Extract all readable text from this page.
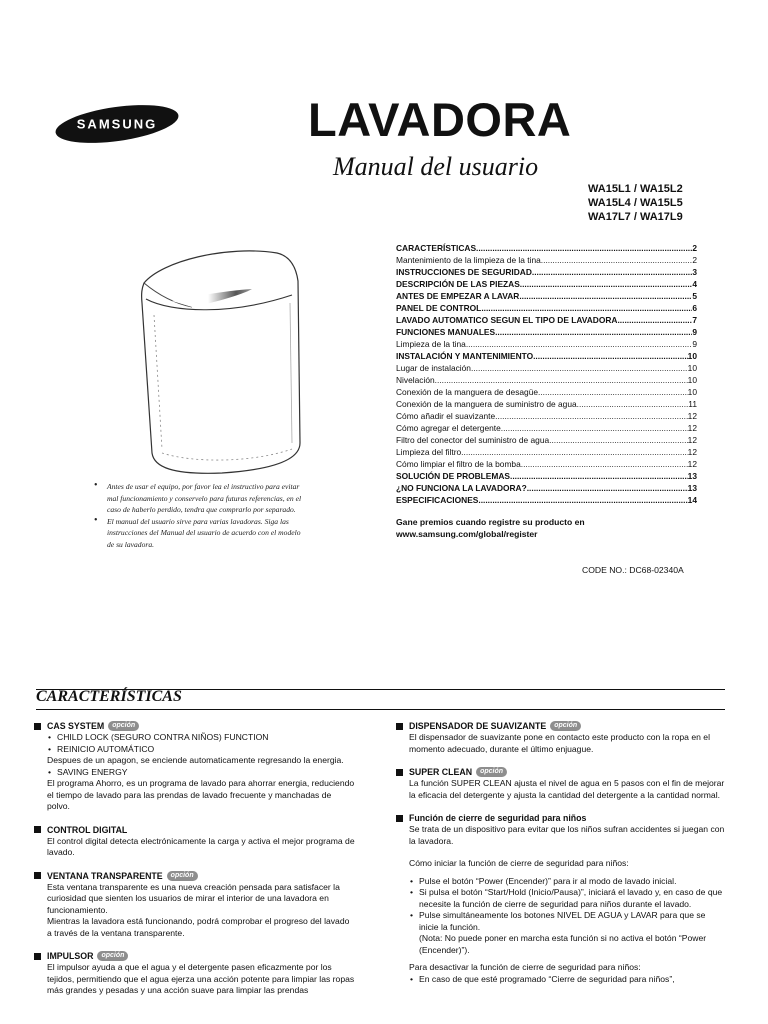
SAMSUNG	LAVADORA
Manual del usuario
WA15L1 / WA15L2
WA15L4 / WA15L5
WA17L7 / WA17L9
• Antes de usar el equipo, por favor lea el instructivo para evitar mal funcionamiento y conservelo para futuras referencias, en el caso de haberlo perdido, tendra que comprarlo por separado.
• El manual del usuario sirve para varias lavadoras. Siga las instrucciones del Manual del usuario de acuerdo con el modelo de su lavadora.
CARACTERÍSTICAS .....	2
Mantenimiento de la limpieza de la tina .....	2
INSTRUCCIONES DE SEGURIDAD .....	3
DESCRIPCIÓN DE LAS PIEZAS .....	4
ANTES DE EMPEZAR A LAVAR .....	5
PANEL DE CONTROL .....	6
LAVADO AUTOMATICO SEGUN EL TIPO DE LAVADORA .....	7
FUNCIONES MANUALES .....	9
Limpieza de la tina .....	9
INSTALACIÓN Y MANTENIMIENTO .....	10
Lugar de instalación .....	10
Nivelación .....	10
Conexión de la manguera de desagüe .....	10
Conexión de la manguera de suministro de agua .....	11
Cómo añadir el suavizante .....	12
Cómo agregar el detergente .....	12
Filtro del conector del suministro de agua .....	12
Limpieza del filtro .....	12
Cómo limpiar el filtro de la bomba .....	12
SOLUCIÓN DE PROBLEMAS .....	13
¿NO FUNCIONA LA LAVADORA? .....	13
ESPECIFICACIONES .....	14
Gane premios cuando registre su producto en
www.samsung.com/global/register
CODE NO.: DC68-02340A
CARACTERÍSTICAS
CAS SYSTEM	opción
• CHILD LOCK (SEGURO CONTRA NIÑOS) FUNCTION
• REINICIO AUTOMÁTICO
Despues de un apagon, se enciende automaticamente regresando la energia.
• SAVING ENERGY
El programa Ahorro, es un programa de lavado para ahorrar energia, reduciendo el tiempo de lavado para las prendas de lavado frecuente y manchadas de polvo.
CONTROL DIGITAL
El control digital detecta electrónicamente la carga y activa el mejor programa de lavado.
VENTANA TRANSPARENTE	opción
Esta ventana transparente es una nueva creación pensada para satisfacer la curiosidad que sienten los usuarios de mirar el interior de una lavadora en funcionamiento.
Mientras la lavadora está funcionando, podrá comprobar el progreso del lavado a través de la ventana transparente.
IMPULSOR	opción
El impulsor ayuda a que el agua y el detergente pasen eficazmente por los tejidos, permitiendo que el agua ejerza una acción potente para limpiar las ropas más grandes y pesadas y una acción suave para limpiar las prendas
DISPENSADOR DE SUAVIZANTE	opción
El dispensador de suavizante pone en contacto este producto con la ropa en el momento adecuado, durante el último enjuague.
SUPER CLEAN	opción
La función SUPER CLEAN ajusta el nivel de agua en 5 pasos con el fin de mejorar la eficacia del detergente y ajusta la cantidad del detergente a la cantidad normal.
Función de cierre de seguridad para niños
Se trata de un dispositivo para evitar que los niños sufran accidentes si juegan con la lavadora.
Cómo iniciar la función de cierre de seguridad para niños:
• Pulse el botón “Power (Encender)” para ir al modo de lavado inicial.
• Si pulsa el botón “Start/Hold (Inicio/Pausa)”, iniciará el lavado y, en caso de que necesite la función de cierre de seguridad para niños durante el lavado.
• Pulse simultáneamente los botones NIVEL DE AGUA y LAVAR para que se inicie la función.
(Nota: No puede poner en marcha esta función si no activa el botón “Power (Encender)”).
Para desactivar la función de cierre de seguridad para niños:
• En caso de que esté programado “Cierre de seguridad para niños”,
